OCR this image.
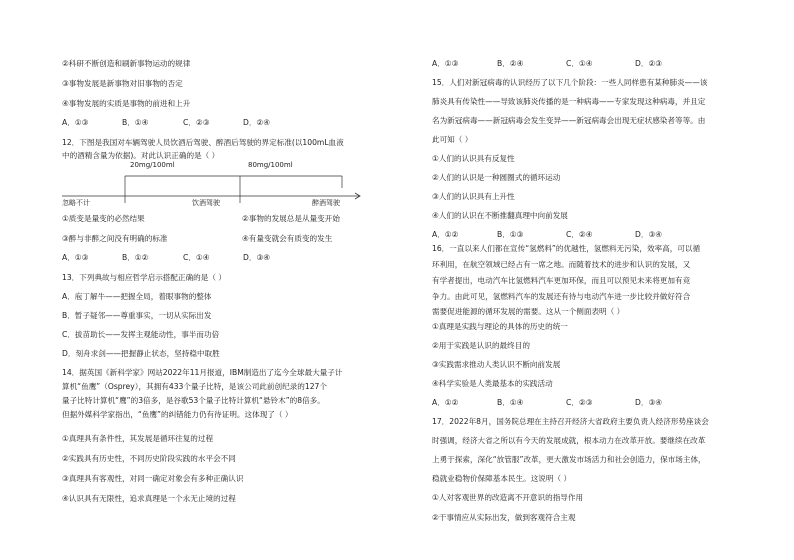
②科研不断创造和刷新事物运动的规律
③事物发展是新事物对旧事物的否定
④事物发展的实质是事物的前进和上升
A．①③	B．①④	C．②③	D．②④
12．下图是我国对车辆驾驶人员饮酒后驾驶、醉酒后驾驶的界定标准(以100mL血液
中的酒精含量为依据)。对此认识正确的是（ ）
20mg/100ml	80mg/100ml
忽略不计	饮酒驾驶	醉酒驾驶
①质变是量变的必然结果	②事物的发展总是从量变开始
③醉与非醉之间没有明确的标准	④有量变就会有质变的发生
A．①③	B．①②	C．①④	D．③④
13．下列典故与相应哲学启示搭配正确的是（ ）
A．庖丁解牛——把握全局，着眼事物的整体
B．暂子疑邻——尊重事实，一切从实际出发
C．拔苗助长——发挥主观能动性，事半而功倍
D．刻舟求剑——把握静止状态，坚持稳中取胜
14．据英国《新科学家》网站2022年11月报道，IBM制造出了迄今全球最大量子计
算机“鱼鹰”（Osprey），其拥有433个量子比特，是该公司此前创纪录的127个
量子比特计算机“鹰”的3倍多，是谷歌53个量子比特计算机“悬铃木”的8倍多。
但据外媒科学家指出，“鱼鹰”的纠错能力仍有待证明。这体现了（ ）
①真理具有条件性，其发展是循环往复的过程
②实践具有历史性，不同历史阶段实践的水平会不同
③真理具有客观性，对同一确定对象会有多种正确认识
④认识具有无限性，追求真理是一个永无止境的过程
A．①③	B．②④	C．①④	D．②③
15．人们对新冠病毒的认识经历了以下几个阶段：一些人同样患有某种肺炎——该
肺炎具有传染性——导致该肺炎传播的是一种病毒——专家发现这种病毒，并且定
名为新冠病毒——新冠病毒会发生变异——新冠病毒会出现无症状感染者等等。由
此可知（ ）
①人们的认识具有反复性
②人们的认识是一种圆圈式的循环运动
③人们的认识具有上升性
④人们的认识在不断推翻真理中向前发展
A．①②	B．①③	C．②④	D．③④
16．一直以来人们都在宣传“氢燃料”的优越性，氢燃料无污染，效率高，可以循
环利用，在航空领域已经占有一席之地。而随着技术的进步和认识的发展，又
有学者提出，电动汽车比氢燃料汽车更加环保，而且可以预见未来将更加有竞
争力。由此可见，氢燃料汽车的发展还有待与电动汽车进一步比较并做好符合
需要促进能源的循环发展的需要。这从一个侧面表明（ ）
①真理是实践与理论的具体的历史的统一
②用于实践是认识的最终目的
③实践需求推动人类认识不断向前发展
④科学实验是人类最基本的实践活动
A．①②	B．①④	C．②③	D．③④
17．2022年8月，国务院总理在主持召开经济大省政府主要负责人经济形势座谈会
时强调，经济大省之所以有今天的发展成就，根本动力在改革开放。要继续在改革
上勇于探索，深化“放管服”改革，更大激发市场活力和社会创造力，保市场主体，
稳就业稳物价保障基本民生。这说明（ ）
①人对客观世界的改造离不开意识的指导作用
②干事情应从实际出发，做到客观符合主观
